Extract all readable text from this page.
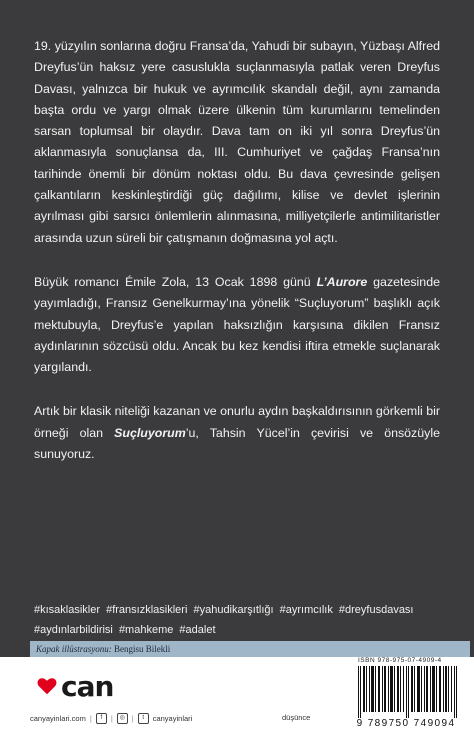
19. yüzyılın sonlarına doğru Fransa’da, Yahudi bir subayın, Yüzbaşı Alfred Dreyfus’ün haksız yere casuslukla suçlanmasıyla patlak veren Dreyfus Davası, yalnızca bir hukuk ve ayrımcılık skandalı değil, aynı zamanda başta ordu ve yargı olmak üzere ülkenin tüm kurumlarını temelinden sarsan toplumsal bir olaydır. Dava tam on iki yıl sonra Dreyfus’ün aklanmasıyla sonuçlansa da, III. Cumhuriyet ve çağdaş Fransa’nın tarihinde önemli bir dönüm noktası oldu. Bu dava çevresinde gelişen çalkantıların keskinleştirdiği güç dağılımı, kilise ve devlet işlerinin ayrılması gibi sarsıcı önlemlerin alınmasına, milliyetçilerle antimilitaristler arasında uzun süreli bir çatışmanın doğmasına yol açtı.

Büyük romancı Émile Zola, 13 Ocak 1898 günü L’Aurore gazetesinde yayımladığı, Fransız Genelkurmay’ına yönelik “Suçluyorum” başlıklı açık mektubuyla, Dreyfus’e yapılan haksızlığın karşısına dikilen Fransız aydınlarının sözcüsü oldu. Ancak bu kez kendisi iftira etmekle suçlanarak yargılandı.

Artık bir klasik niteliği kazanan ve onurlu aydın başkaldırısının görkemli bir örneği olan Suçluyorum’u, Tahsin Yücel’in çevirisi ve önsözüyle sunuyoruz.

#kısaklasikler #fransızklasikleri #yahudikarşıtlığı #ayrımcılık #dreyfusdavası
#aydınlarbildirisi #mahkeme #adalet
Kapak illüstrasyonu: Bengisu Bilekli
can
canyayinlari.com |	f	|	◎ |	t	canyayinlari	düşünce
ISBN 978-975-07-4909-4
9 789750 749094
